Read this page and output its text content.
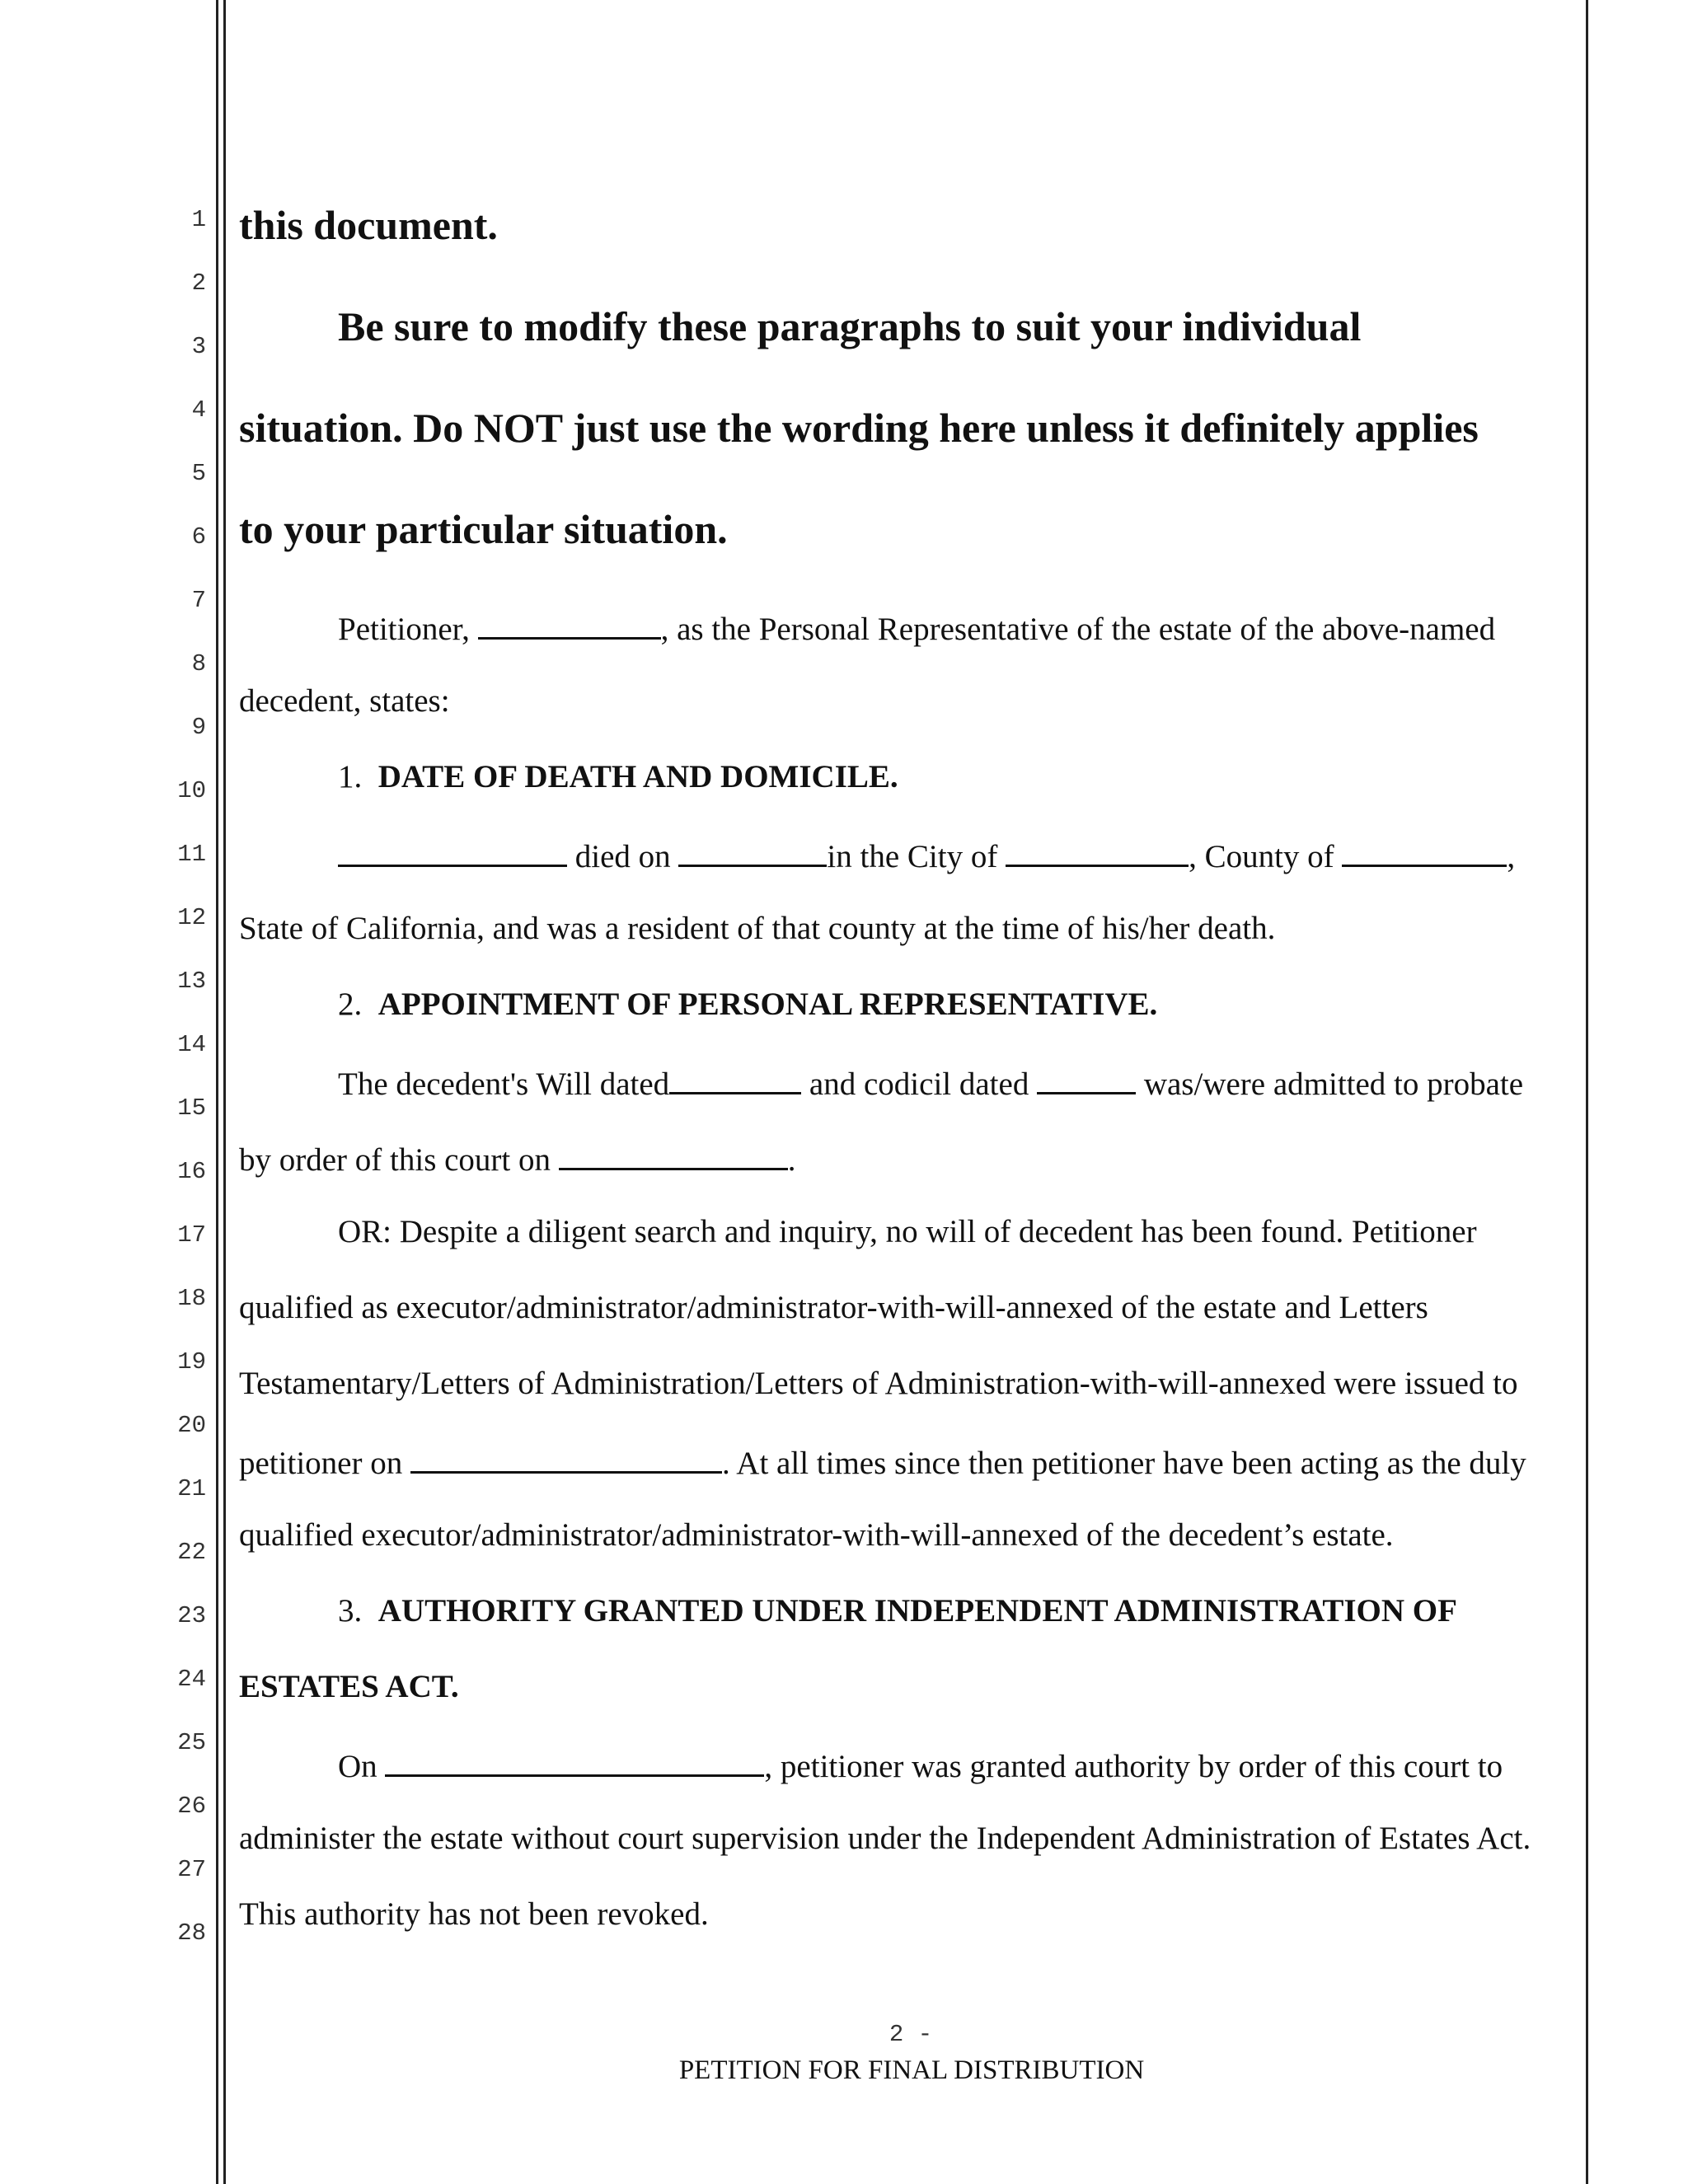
1
2
3
4
5
6
7
8
9
10
11
12
13
14
15
16
17
18
19
20
21
22
23
24
25
26
27
28
this document.
Be sure to modify these paragraphs to suit your individual
situation. Do NOT just use the wording here unless it definitely applies
to your particular situation.
Petitioner,	, as the Personal Representative of the estate of the above-named
decedent, states:
1. DATE OF DEATH AND DOMICILE.
died on	in the City of	, County of	,
State of California, and was a resident of that county at the time of his/her death.
2. APPOINTMENT OF PERSONAL REPRESENTATIVE.
The decedent's Will dated	and codicil dated	was/were admitted to probate
by order of this court on	.
OR: Despite a diligent search and inquiry, no will of decedent has been found. Petitioner
qualified as executor/administrator/administrator-with-will-annexed of the estate and Letters
Testamentary/Letters of Administration/Letters of Administration-with-will-annexed were issued to
petitioner on	. At all times since then petitioner have been acting as the duly
qualified executor/administrator/administrator-with-will-annexed of the decedent’s estate.
3. AUTHORITY GRANTED UNDER INDEPENDENT ADMINISTRATION OF
ESTATES ACT.
On	, petitioner was granted authority by order of this court to
administer the estate without court supervision under the Independent Administration of Estates Act.
This authority has not been revoked.
2 -
PETITION FOR FINAL DISTRIBUTION
